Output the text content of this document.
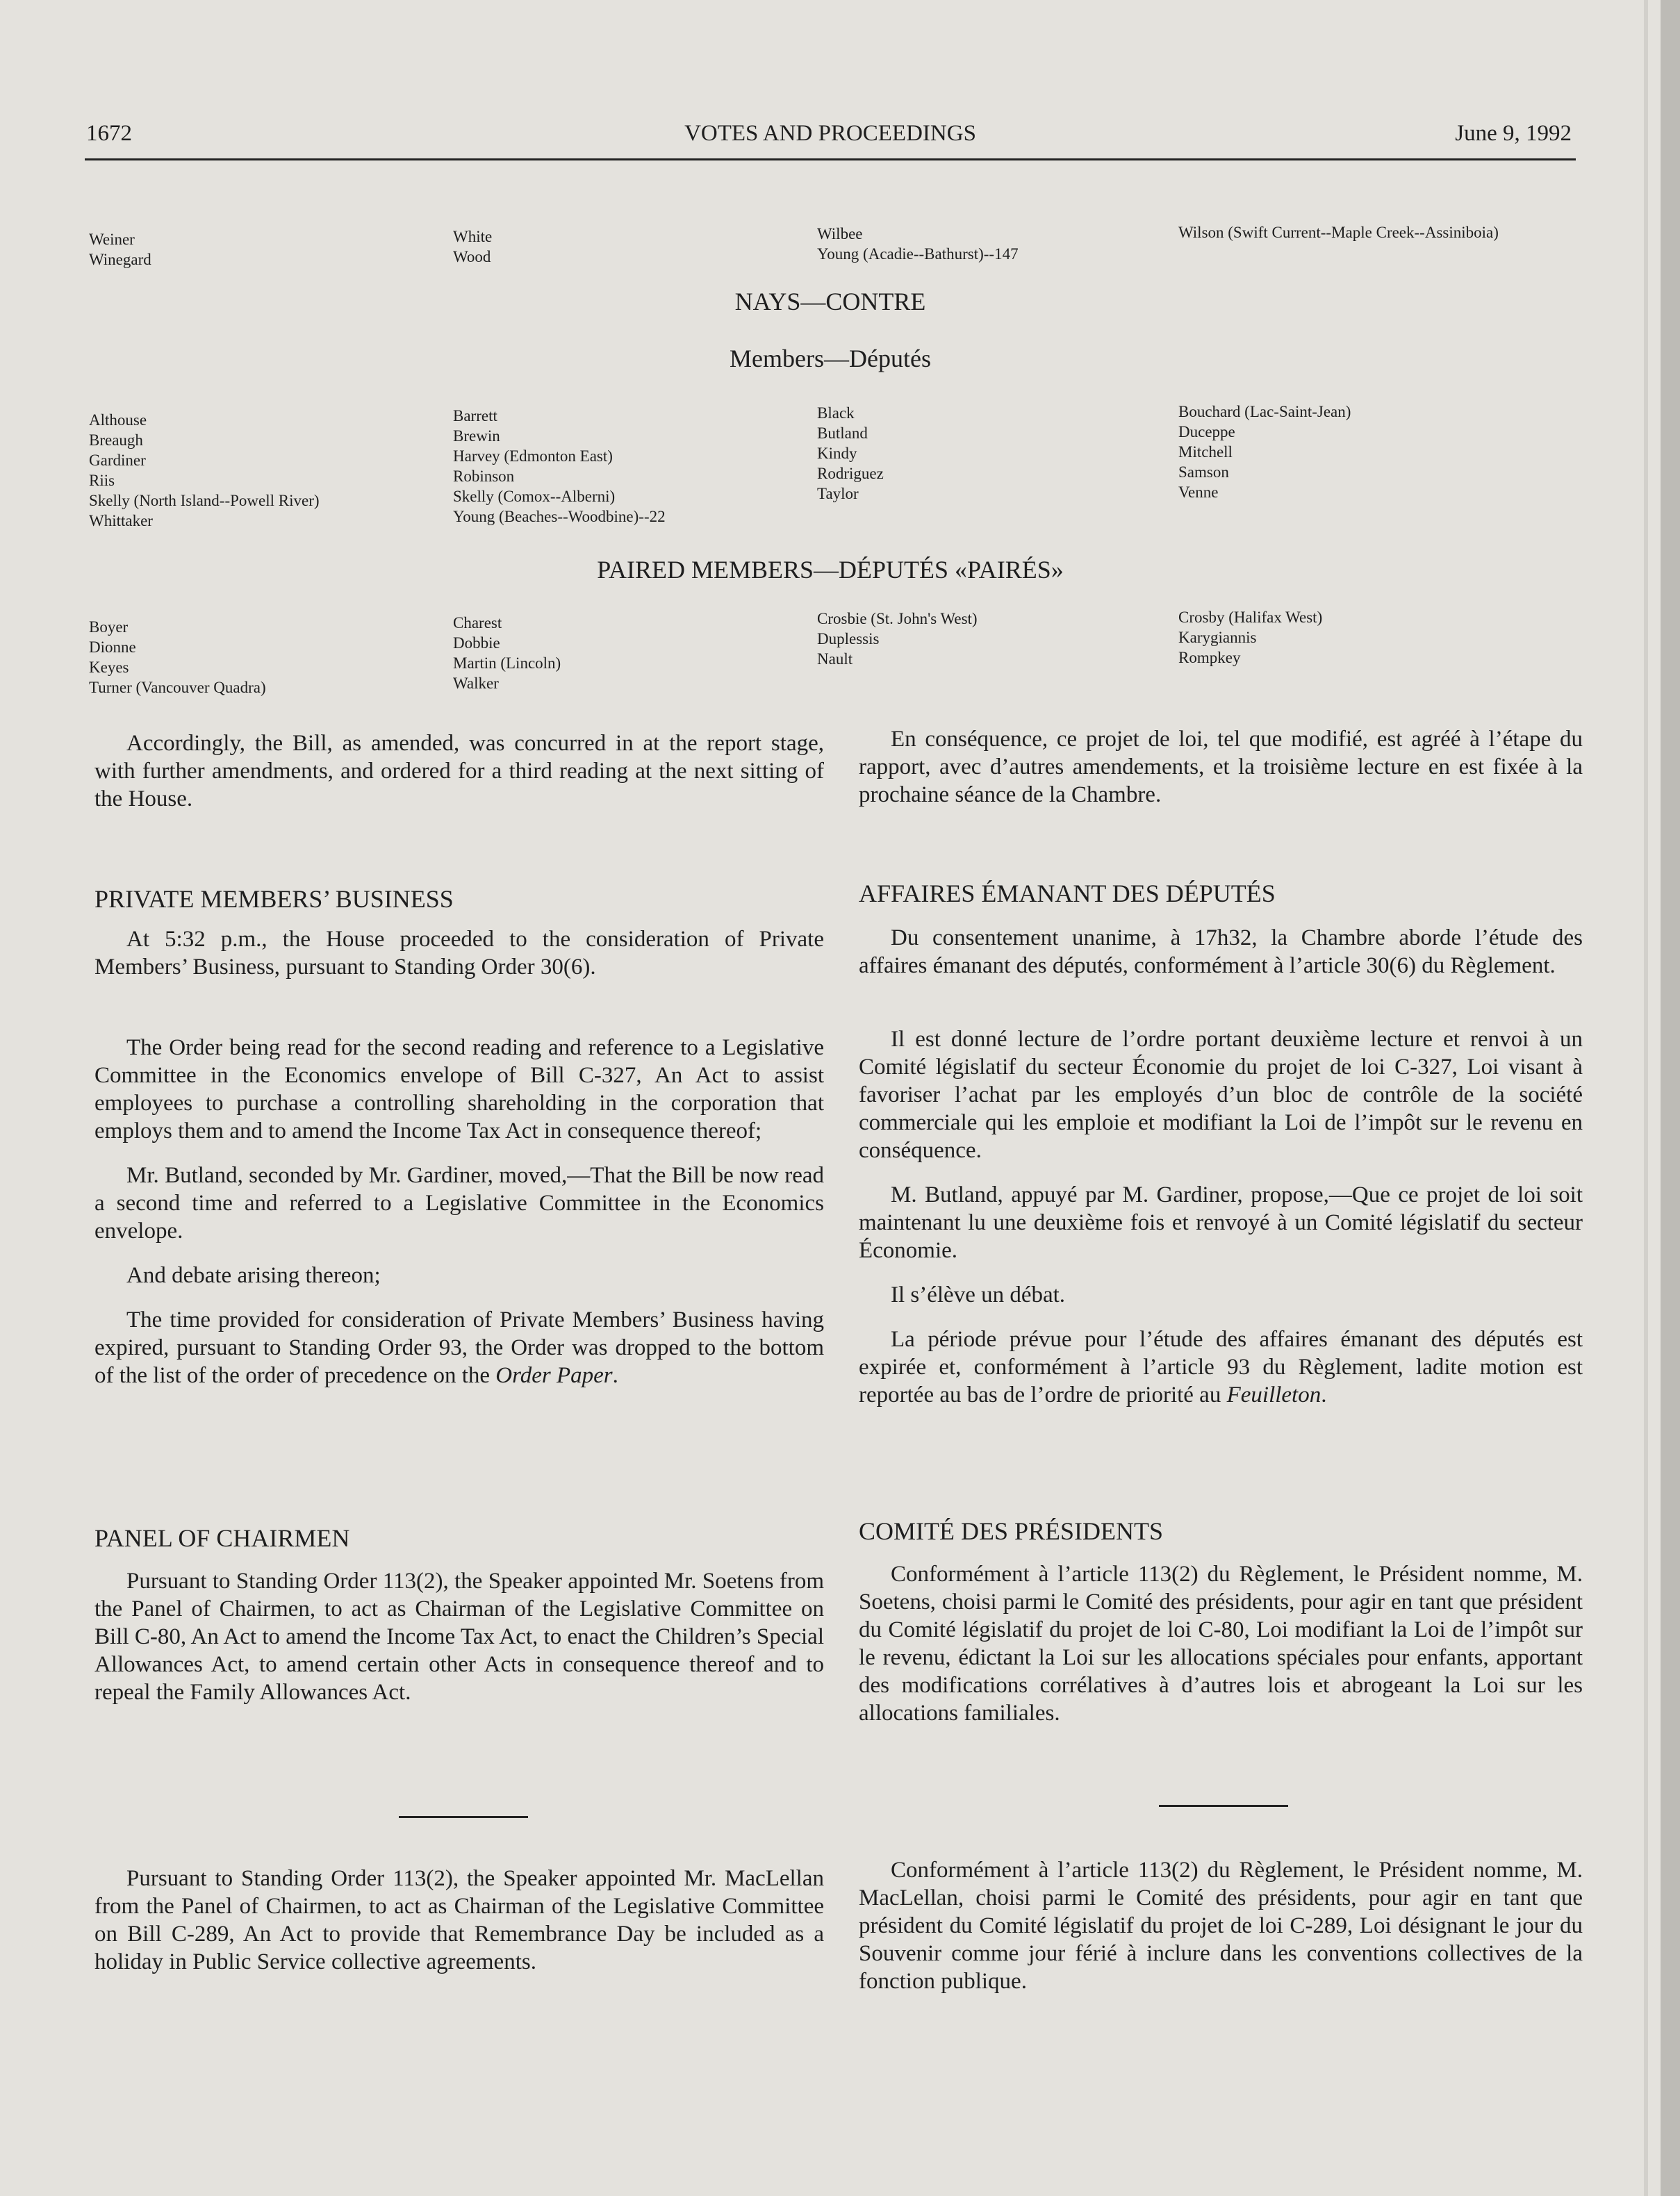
1672	VOTES AND PROCEEDINGS	June 9, 1992
Weiner
Winegard
White
Wood
Wilbee
Young (Acadie--Bathurst)--147
Wilson (Swift Current--Maple Creek--Assiniboia)
NAYS—CONTRE
Members—Députés
Althouse
Breaugh
Gardiner
Riis
Skelly (North Island--Powell River)
Whittaker
Barrett
Brewin
Harvey (Edmonton East)
Robinson
Skelly (Comox--Alberni)
Young (Beaches--Woodbine)--22
Black
Butland
Kindy
Rodriguez
Taylor
Bouchard (Lac-Saint-Jean)
Duceppe
Mitchell
Samson
Venne
PAIRED MEMBERS—DÉPUTÉS «PAIRÉS»
Boyer
Dionne
Keyes
Turner (Vancouver Quadra)
Charest
Dobbie
Martin (Lincoln)
Walker
Crosbie (St. John's West)
Duplessis
Nault
Crosby (Halifax West)
Karygiannis
Rompkey

Accordingly, the Bill, as amended, was concurred in at the report stage, with further amendments, and ordered for a third reading at the next sitting of the House.

PRIVATE MEMBERS’ BUSINESS

At 5:32 p.m., the House proceeded to the consideration of Private Members’ Business, pursuant to Standing Order 30(6).

The Order being read for the second reading and reference to a Legislative Committee in the Economics envelope of Bill C-327, An Act to assist employees to purchase a controlling shareholding in the corporation that employs them and to amend the Income Tax Act in consequence thereof;

Mr. Butland, seconded by Mr. Gardiner, moved,—That the Bill be now read a second time and referred to a Legislative Committee in the Economics envelope.

And debate arising thereon;

The time provided for consideration of Private Members’ Business having expired, pursuant to Standing Order 93, the Order was dropped to the bottom of the list of the order of precedence on the Order Paper.

PANEL OF CHAIRMEN

Pursuant to Standing Order 113(2), the Speaker appointed Mr. Soetens from the Panel of Chairmen, to act as Chairman of the Legislative Committee on Bill C-80, An Act to amend the Income Tax Act, to enact the Children’s Special Allowances Act, to amend certain other Acts in consequence thereof and to repeal the Family Allowances Act.

Pursuant to Standing Order 113(2), the Speaker appointed Mr. MacLellan from the Panel of Chairmen, to act as Chairman of the Legislative Committee on Bill C-289, An Act to provide that Remembrance Day be included as a holiday in Public Service collective agreements.

En conséquence, ce projet de loi, tel que modifié, est agréé à l’étape du rapport, avec d’autres amendements, et la troisième lecture en est fixée à la prochaine séance de la Chambre.

AFFAIRES ÉMANANT DES DÉPUTÉS

Du consentement unanime, à 17h32, la Chambre aborde l’étude des affaires émanant des députés, conformément à l’article 30(6) du Règlement.

Il est donné lecture de l’ordre portant deuxième lecture et renvoi à un Comité législatif du secteur Économie du projet de loi C-327, Loi visant à favoriser l’achat par les employés d’un bloc de contrôle de la société commerciale qui les emploie et modifiant la Loi de l’impôt sur le revenu en conséquence.

M. Butland, appuyé par M. Gardiner, propose,—Que ce projet de loi soit maintenant lu une deuxième fois et renvoyé à un Comité législatif du secteur Économie.

Il s’élève un débat.

La période prévue pour l’étude des affaires émanant des députés est expirée et, conformément à l’article 93 du Règlement, ladite motion est reportée au bas de l’ordre de priorité au Feuilleton.

COMITÉ DES PRÉSIDENTS

Conformément à l’article 113(2) du Règlement, le Président nomme, M. Soetens, choisi parmi le Comité des présidents, pour agir en tant que président du Comité législatif du projet de loi C-80, Loi modifiant la Loi de l’impôt sur le revenu, édictant la Loi sur les allocations spéciales pour enfants, apportant des modifications corrélatives à d’autres lois et abrogeant la Loi sur les allocations familiales.

Conformément à l’article 113(2) du Règlement, le Président nomme, M. MacLellan, choisi parmi le Comité des présidents, pour agir en tant que président du Comité législatif du projet de loi C-289, Loi désignant le jour du Souvenir comme jour férié à inclure dans les conventions collectives de la fonction publique.
